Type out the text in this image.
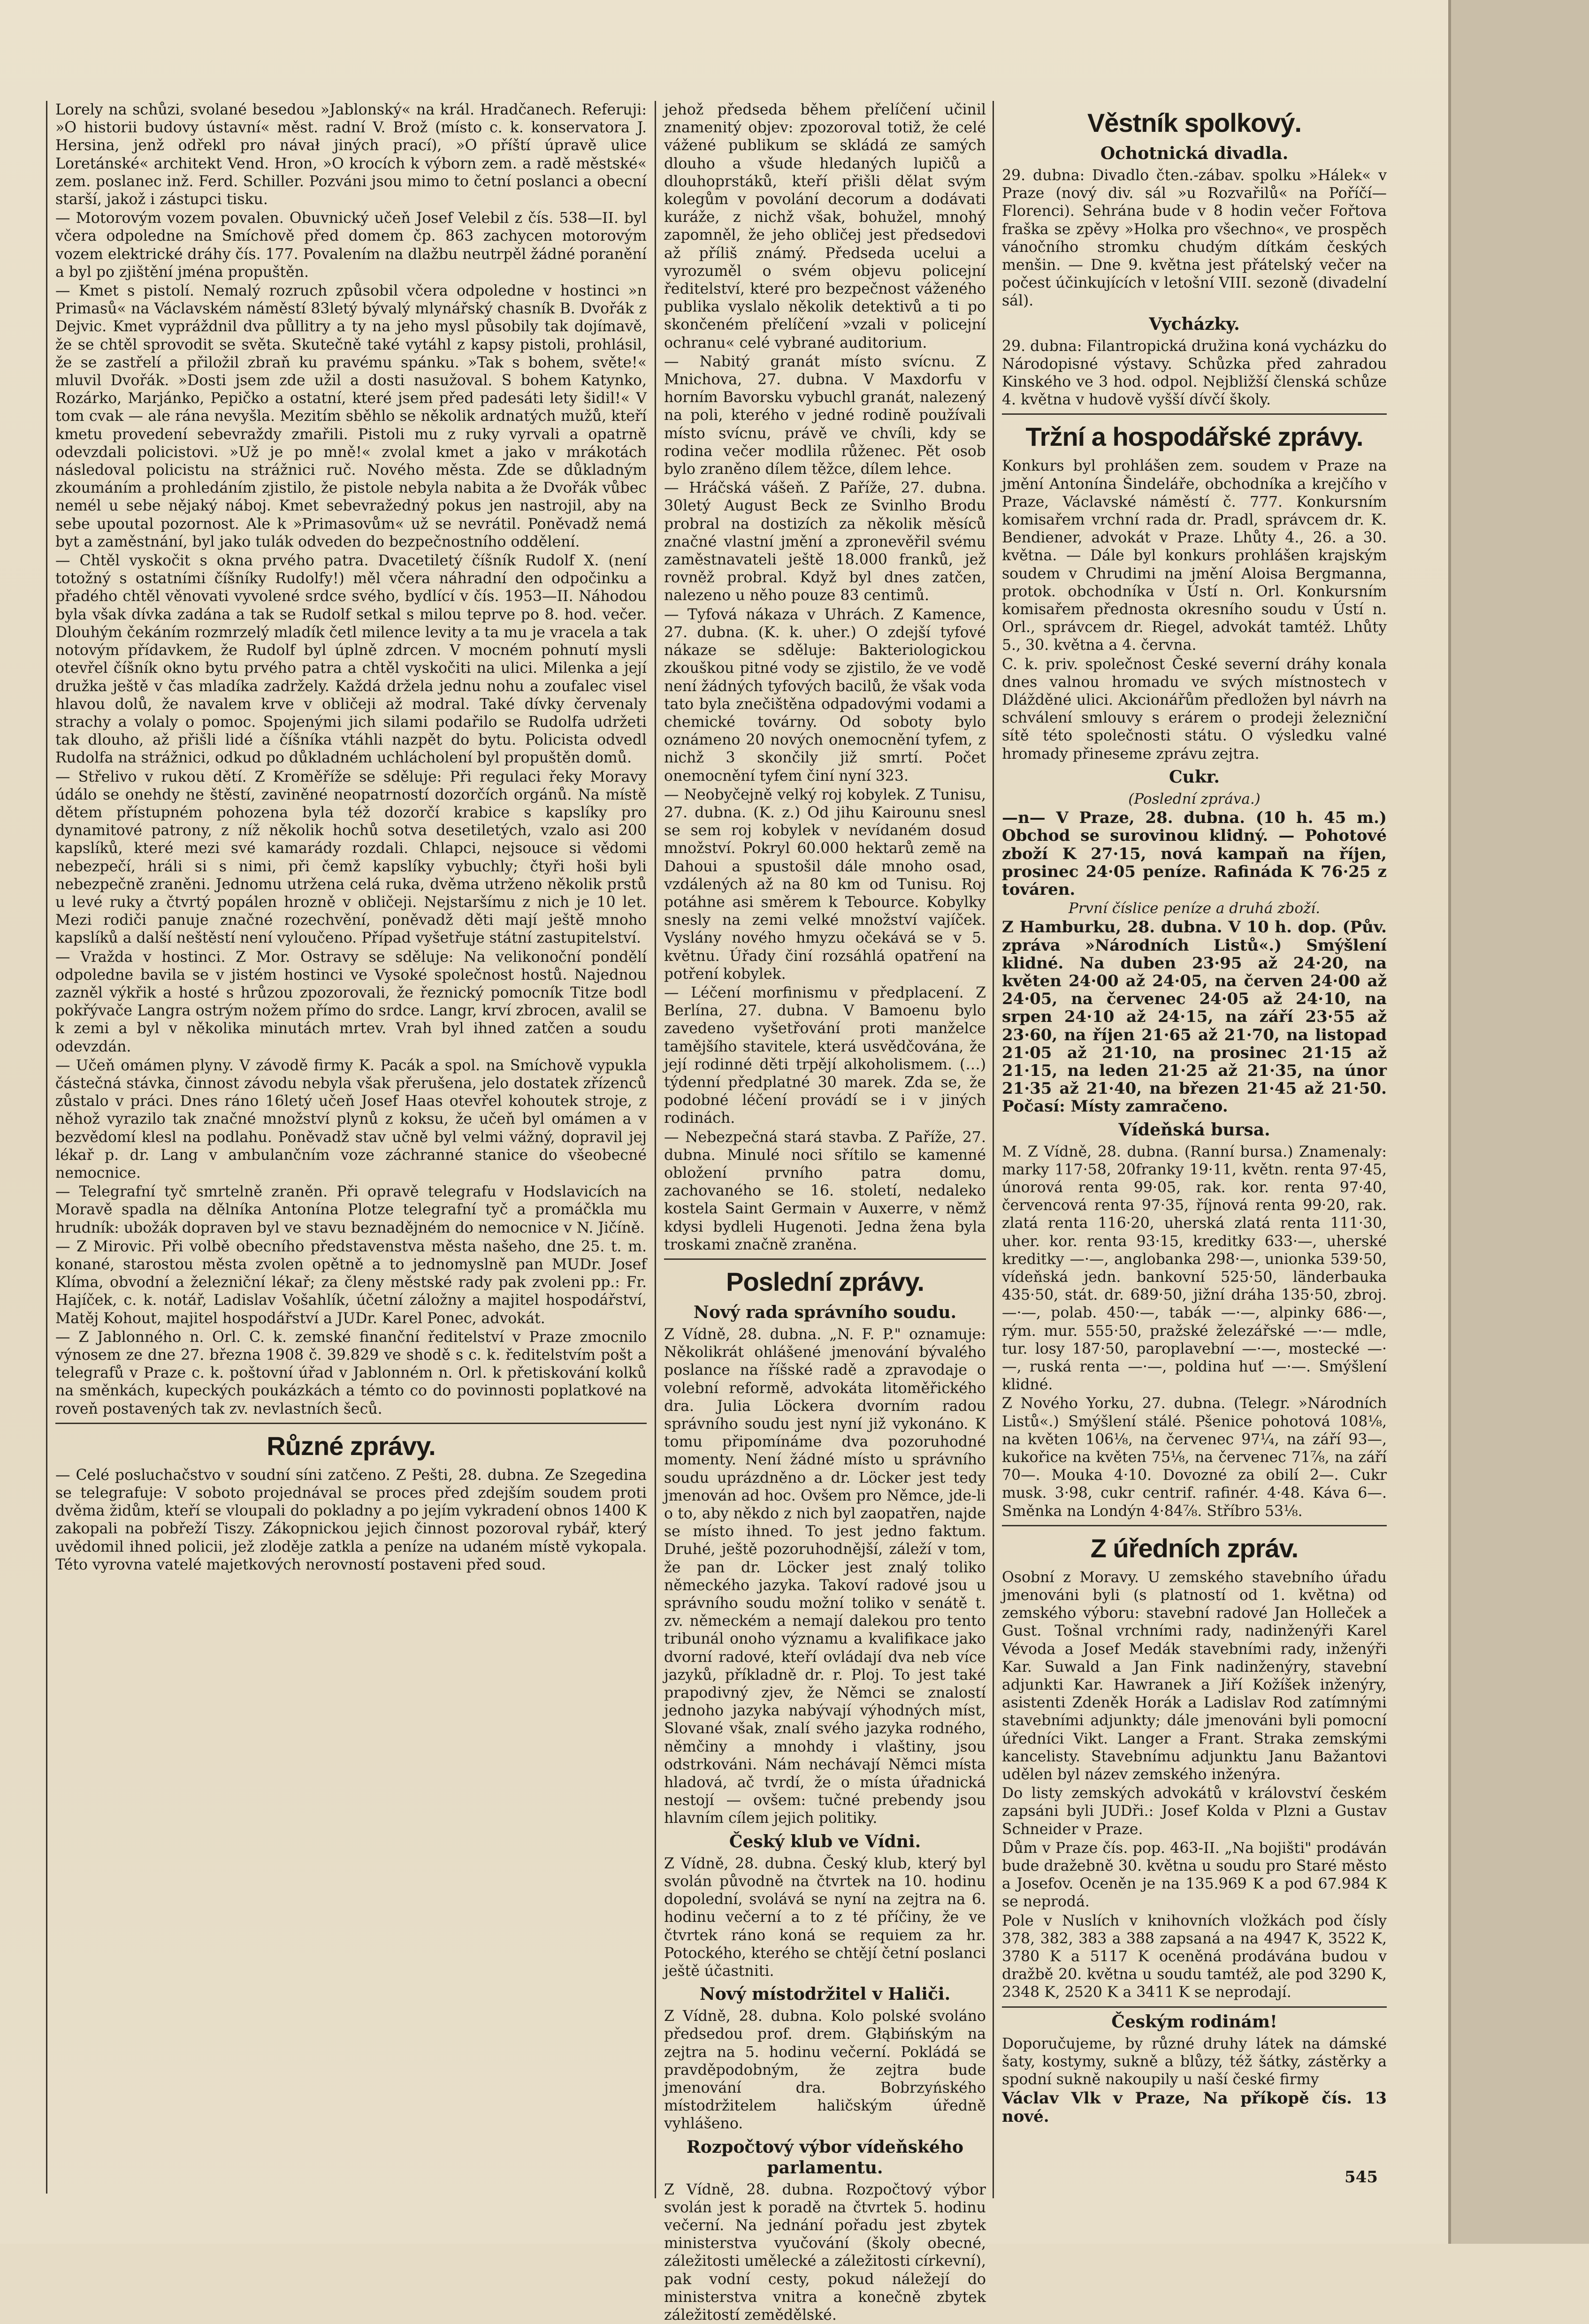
Lorely na schůzi, svolané besedou »Jablonský« na král. Hradčanech. Referuji: »O historii budovy ústavní« měst. radní V. Brož (místo c. k. konservatora J. Hersina, jenž odřekl pro návał jiných prací), »O příští úpravě ulice Loretánské« architekt Vend. Hron, »O krocích k výborn zem. a radě městské« zem. poslanec inž. Ferd. Schiller. Pozváni jsou mimo to četní poslanci a obecní starší, jakož i zástupci tisku.

— Motorovým vozem povalen. Obuvnický učeň Josef Velebil z čís. 538—II. byl včera odpoledne na Smíchově před domem čp. 863 zachycen motorovým vozem elektrické dráhy čís. 177. Povalením na dlažbu neutrpěl žádné poranění a byl po zjištění jména propuštěn.

— Kmet s pistolí. Nemalý rozruch způsobil včera odpoledne v hostinci »n Primasů« na Václavském náměstí 83letý bývalý mlynářský chasník B. Dvořák z Dejvic. Kmet vypráždnil dva půllitry a ty na jeho mysl působily tak dojímavě, že se chtěl sprovodit se světa. Skutečně také vytáhl z kapsy pistoli, prohlásil, že se zastřelí a přiložil zbraň ku pravému spánku. »Tak s bohem, světe!« mluvil Dvořák. »Dosti jsem zde užil a dosti nasužoval. S bohem Katynko, Rozárko, Marjánko, Pepičko a ostatní, které jsem před padesáti lety šidil!« V tom cvak — ale rána nevyšla. Mezitím sběhlo se několik ardnatých mužů, kteří kmetu provedení sebevraždy zmařili. Pistoli mu z ruky vyrvali a opatrně odevzdali policistovi. »Už je po mně!« zvolal kmet a jako v mrákotách následoval policistu na strážnici ruč. Nového města. Zde se důkladným zkoumáním a prohledáním zjistilo, že pistole nebyla nabita a že Dvořák vůbec nemél u sebe nějaký náboj. Kmet sebevražedný pokus jen nastrojil, aby na sebe upoutal pozornost. Ale k »Primasovům« už se nevrátil. Poněvadž nemá byt a zaměstnání, byl jako tulák odveden do bezpečnostního oddělení.

— Chtěl vyskočit s okna prvého patra. Dvacetiletý číšník Rudolf X. (není totožný s ostatními číšníky Rudolfy!) měl včera náhradní den odpočinku a přadého chtěl věnovati vyvolené srdce svého, bydlící v čís. 1953—II. Náhodou byla však dívka zadána a tak se Rudolf setkal s milou teprve po 8. hod. večer. Dlouhým čekáním rozmrzelý mladík četl milence levity a ta mu je vracela a tak notovým přídavkem, že Rudolf byl úplně zdrcen. V mocném pohnutí mysli otevřel číšník okno bytu prvého patra a chtěl vyskočiti na ulici. Milenka a její družka ještě v čas mladíka zadržely. Každá držela jednu nohu a zoufalec visel hlavou dolů, že navalem krve v obličeji až modral. Také dívky červenaly strachy a volaly o pomoc. Spojenými jich silami podařilo se Rudolfa udržeti tak dlouho, až přišli lidé a číšníka vtáhli nazpět do bytu. Policista odvedl Rudolfa na strážnici, odkud po důkladném uchlácholení byl propuštěn domů.

— Střelivo v rukou dětí. Z Kroměříže se sděluje: Při regulaci řeky Moravy údálo se onehdy ne štěstí, zaviněné neopatrností dozorčích orgánů. Na místě dětem přístupném pohozena byla též dozorčí krabice s kapslíky pro dynamitové patrony, z níž několik hochů sotva desetiletých, vzalo asi 200 kapslíků, které mezi své kamarády rozdali. Chlapci, nejsouce si vědomi nebezpečí, hráli si s nimi, při čemž kapslíky vybuchly; čtyři hoši byli nebezpečně zraněni. Jednomu utržena celá ruka, dvěma utrženo několik prstů u levé ruky a čtvrtý popálen hrozně v obličeji. Nejstaršímu z nich je 10 let. Mezi rodiči panuje značné rozechvění, poněvadž děti mají ještě mnoho kapslíků a další neštěstí není vyloučeno. Případ vyšetřuje státní zastupitelství.

— Vražda v hostinci. Z Mor. Ostravy se sděluje: Na velikonoční pondělí odpoledne bavila se v jistém hostinci ve Vysoké společnost hostů. Najednou zazněl výkřik a hosté s hrůzou zpozorovali, že řeznický pomocník Titze bodl pokřývače Langra ostrým nožem přímo do srdce. Langr, krví zbrocen, avalil se k zemi a byl v několika minutách mrtev. Vrah byl ihned zatčen a soudu odevzdán.

— Učeň omámen plyny. V závodě firmy K. Pacák a spol. na Smíchově vypukla částečná stávka, činnost závodu nebyla však přerušena, jelo dostatek zřízenců zůstalo v práci. Dnes ráno 16letý učeň Josef Haas otevřel kohoutek stroje, z něhož vyrazilo tak značné množství plynů z koksu, že učeň byl omámen a v bezvědomí klesl na podlahu. Poněvadž stav učně byl velmi vážný, dopravil jej lékař p. dr. Lang v ambulančním voze záchranné stanice do všeobecné nemocnice.

— Telegrafní tyč smrtelně zraněn. Při opravě telegrafu v Hodslavicích na Moravě spadla na dělníka Antonína Plotze telegrafní tyč a promáčkla mu hrudník: ubožák dopraven byl ve stavu beznadějném do nemocnice v N. Jičíně.

— Z Mirovic. Při volbě obecního představenstva města našeho, dne 25. t. m. konané, starostou města zvolen opětně a to jednomyslně pan MUDr. Josef Klíma, obvodní a železniční lékař; za členy městské rady pak zvoleni pp.: Fr. Hajíček, c. k. notář, Ladislav Vošahlík, účetní záložny a majitel hospodářství, Matěj Kohout, majitel hospodářství a JUDr. Karel Ponec, advokát.

— Z Jablonného n. Orl. C. k. zemské finanční ředitelství v Praze zmocnilo výnosem ze dne 27. března 1908 č. 39.829 ve shodě s c. k. ředitelstvím pošt a telegrafů v Praze c. k. poštovní úřad v Jablonném n. Orl. k přetiskování kolků na směnkách, kupeckých poukázkách a témto co do povinnosti poplatkové na roveň postavených tak zv. nevlastních šeců.

Různé zprávy.

— Celé posluchačstvo v soudní síni zatčeno. Z Pešti, 28. dubna. Ze Szegedina se telegrafuje: V soboto projednával se proces před zdejším soudem proti dvěma židům, kteří se vloupali do pokladny a po jejím vykradení obnos 1400 K zakopali na pobřeží Tiszy. Zákopnickou jejich činnost pozoroval rybář, který uvědomil ihned policii, jež zloděje zatkla a peníze na udaném místě vykopala. Této vyrovna vatelé majetkových nerovností postaveni před soud.

jehož předseda během přelíčení učinil znamenitý objev: zpozoroval totiž, že celé vážené publikum se skládá ze samých dlouho a všude hledaných lupičů a dlouhoprstáků, kteří přišli dělat svým kolegům v povolání decorum a dodávati kuráže, z nichž však, bohužel, mnohý zapomněl, že jeho obličej jest předsedovi až příliš známý. Předseda ucelui a vyrozuměl o svém objevu policejní ředitelství, které pro bezpečnost váženého publika vyslalo několik detektivů a ti po skončeném přelíčení »vzali v policejní ochranu« celé vybrané auditorium.

— Nabitý granát místo svícnu. Z Mnichova, 27. dubna. V Maxdorfu v horním Bavorsku vybuchl granát, nalezený na poli, kterého v jedné rodině používali místo svícnu, právě ve chvíli, kdy se rodina večer modlila růženec. Pět osob bylo zraněno dílem těžce, dílem lehce.

— Hráčská vášeň. Z Paříže, 27. dubna. 30letý August Beck ze Svinlho Brodu probral na dostizích za několik měsíců značné vlastní jmění a zpronevěřil svému zaměstnavateli ještě 18.000 franků, jež rovněž probral. Když byl dnes zatčen, nalezeno u něho pouze 83 centimů.

— Tyfová nákaza v Uhrách. Z Kamence, 27. dubna. (K. k. uher.) O zdejší tyfové nákaze se sděluje: Bakteriologickou zkouškou pitné vody se zjistilo, že ve vodě není žádných tyfových bacilů, že však voda tato byla znečištěna odpadovými vodami a chemické továrny. Od soboty bylo oznámeno 20 nových onemocnění tyfem, z nichž 3 skončily již smrtí. Počet onemocnění tyfem činí nyní 323.

— Neobyčejně velký roj kobylek. Z Tunisu, 27. dubna. (K. z.) Od jihu Kairounu snesl se sem roj kobylek v nevídaném dosud množství. Pokryl 60.000 hektarů země na Dahoui a spustošil dále mnoho osad, vzdálených až na 80 km od Tunisu. Roj potáhne asi směrem k Tebource. Kobylky snesly na zemi velké množství vajíček. Vyslány nového hmyzu očekává se v 5. květnu. Úřady činí rozsáhlá opatření na potření kobylek.

— Léčení morfinismu v předplacení. Z Berlína, 27. dubna. V Bamoenu bylo zavedeno vyšetřování proti manželce tamějšího stavitele, která usvědčována, že její rodinné děti trpějí alkoholismem. (…) týdenní předplatné 30 marek. Zda se, že podobné léčení provádí se i v jiných rodinách.

— Nebezpečná stará stavba. Z Paříže, 27. dubna. Minulé noci sřítilo se kamenné obložení prvního patra domu, zachovaného se 16. století, nedaleko kostela Saint Germain v Auxerre, v němž kdysi bydleli Hugenoti. Jedna žena byla troskami značně zraněna.

Poslední zprávy.
Nový rada správního soudu.

Z Vídně, 28. dubna. „N. F. P." oznamuje: Několikrát ohlášené jmenování bývalého poslance na říšské radě a zpravodaje o volební reformě, advokáta litoměřického dra. Julia Löckera dvorním radou správního soudu jest nyní již vykonáno. K tomu připomínáme dva pozoruhodné momenty. Není žádné místo u správního soudu uprázdněno a dr. Löcker jest tedy jmenován ad hoc. Ovšem pro Němce, jde-li o to, aby někdo z nich byl zaopatřen, najde se místo ihned. To jest jedno faktum. Druhé, ještě pozoruhodnější, záleží v tom, že pan dr. Löcker jest znalý toliko německého jazyka. Takoví radové jsou u správního soudu možní toliko v senátě t. zv. německém a nemají dalekou pro tento tribunál onoho významu a kvalifikace jako dvorní radové, kteří ovládají dva neb více jazyků, příkladně dr. r. Ploj. To jest také prapodivný zjev, že Němci se znalostí jednoho jazyka nabývají výhodných míst, Slované však, znalí svého jazyka rodného, němčiny a mnohdy i vlaštiny, jsou odstrkováni. Nám nechávají Němci místa hladová, ač tvrdí, že o místa úřadnická nestojí — ovšem: tučné prebendy jsou hlavním cílem jejich politiky.

Český klub ve Vídni.

Z Vídně, 28. dubna. Český klub, který byl svolán původně na čtvrtek na 10. hodinu dopolední, svolává se nyní na zejtra na 6. hodinu večerní a to z té příčiny, že ve čtvrtek ráno koná se requiem za hr. Potockého, kterého se chtějí četní poslanci ještě účastniti.

Nový místodržitel v Haliči.

Z Vídně, 28. dubna. Kolo polské svoláno předsedou prof. drem. Głąbińským na zejtra na 5. hodinu večerní. Pokládá se pravděpodobným, že zejtra bude jmenování dra. Bobrzyńského místodržitelem haličským úředně vyhlášeno.

Rozpočtový výbor vídeňského parlamentu.

Z Vídně, 28. dubna. Rozpočtový výbor svolán jest k poradě na čtvrtek 5. hodinu večerní. Na jednání pořadu jest zbytek ministerstva vyučování (školy obecné, záležitosti umělecké a záležitosti církevní), pak vodní cesty, pokud náležejí do ministerstva vnitra a konečně zbytek záležitostí zemědělské.

Věstník spolkový.
Ochotnická divadla.

29. dubna: Divadlo čten.-zábav. spolku »Hálek« v Praze (nový div. sál »u Rozvařilů« na Poříčí—Florenci). Sehrána bude v 8 hodin večer Fořtova fraška se zpěvy »Holka pro všechno«, ve prospěch vánočního stromku chudým dítkám českých menšin. — Dne 9. května jest přátelský večer na počest účinkujících v letošní VIII. sezoně (divadelní sál).

Vycházky.

29. dubna: Filantropická družina koná vycházku do Národopisné výstavy. Schůzka před zahradou Kinského ve 3 hod. odpol. Nejbližší členská schůze 4. května v hudově vyšší dívčí školy.

Tržní a hospodářské zprávy.

Konkurs byl prohlášen zem. soudem v Praze na jmění Antonína Šindeláře, obchodníka a krejčího v Praze, Václavské náměstí č. 777. Konkursním komisařem vrchní rada dr. Pradl, správcem dr. K. Bendiener, advokát v Praze. Lhůty 4., 26. a 30. května. — Dále byl konkurs prohlášen krajským soudem v Chrudimi na jmění Aloisa Bergmanna, protok. obchodníka v Ústí n. Orl. Konkursním komisařem přednosta okresního soudu v Ústí n. Orl., správcem dr. Riegel, advokát tamtéž. Lhůty 5., 30. května a 4. června.

C. k. priv. společnost České severní dráhy konala dnes valnou hromadu ve svých místnostech v Dlážděné ulici. Akcionářům předložen byl návrh na schválení smlouvy s erárem o prodeji železniční sítě této společnosti státu. O výsledku valné hromady přineseme zprávu zejtra.

Cukr.
(Poslední zpráva.)

—n— V Praze, 28. dubna. (10 h. 45 m.) Obchod se surovinou klidný. — Pohotové zboží K 27·15, nová kampaň na říjen, prosinec 24·05 peníze. Rafináda K 76·25 z továren.

První číslice peníze a druhá zboží.

Z Hamburku, 28. dubna. V 10 h. dop. (Pův. zpráva »Národních Listů«.) Smýšlení klidné. Na duben 23·95 až 24·20, na květen 24·00 až 24·05, na červen 24·00 až 24·05, na červenec 24·05 až 24·10, na srpen 24·10 až 24·15, na září 23·55 až 23·60, na říjen 21·65 až 21·70, na listopad 21·05 až 21·10, na prosinec 21·15 až 21·15, na leden 21·25 až 21·35, na únor 21·35 až 21·40, na březen 21·45 až 21·50. Počasí: Místy zamračeno.

Vídeňská bursa.

M. Z Vídně, 28. dubna. (Ranní bursa.) Znamenaly: marky 117·58, 20franky 19·11, květn. renta 97·45, únorová renta 99·05, rak. kor. renta 97·40, červencová renta 97·35, říjnová renta 99·20, rak. zlatá renta 116·20, uherská zlatá renta 111·30, uher. kor. renta 93·15, kreditky 633·—, uherské kreditky —·—, anglobanka 298·—, unionka 539·50, vídeňská jedn. bankovní 525·50, länderbauka 435·50, stát. dr. 689·50, jižní dráha 135·50, zbroj. —·—, polab. 450·—, tabák —·—, alpinky 686·—, rým. mur. 555·50, pražské železářské —·— mdle, tur. losy 187·50, paroplavební —·—, mostecké —·—, ruská renta —·—, poldina huť —·—. Smýšlení klidné.

Z Nového Yorku, 27. dubna. (Telegr. »Národních Listů«.) Smýšlení stálé. Pšenice pohotová 108⅛, na květen 106⅛, na červenec 97¼, na září 93—, kukořice na květen 75⅛, na červenec 71⅞, na září 70—. Mouka 4·10. Dovozné za obilí 2—. Cukr musk. 3·98, cukr centrif. rafinér. 4·48. Káva 6—. Směnka na Londýn 4·84⅞. Stříbro 53⅛.

Z úředních zpráv.

Osobní z Moravy. U zemského stavebního úřadu jmenováni byli (s platností od 1. května) od zemského výboru: stavební radové Jan Holleček a Gust. Tošnal vrchními rady, nadinženýři Karel Vévoda a Josef Medák stavebními rady, inženýři Kar. Suwald a Jan Fink nadinženýry, stavební adjunkti Kar. Hawranek a Jiří Kožíšek inženýry, asistenti Zdeněk Horák a Ladislav Rod zatímnými stavebními adjunkty; dále jmenováni byli pomocní úředníci Vikt. Langer a Frant. Straka zemskými kancelisty. Stavebnímu adjunktu Janu Bažantovi udělen byl název zemského inženýra.

Do listy zemských advokátů v království českém zapsáni byli JUDři.: Josef Kolda v Plzni a Gustav Schneider v Praze.

Dům v Praze čís. pop. 463-II. „Na bojišti" prodáván bude dražebně 30. května u soudu pro Staré město a Josefov. Oceněn je na 135.969 K a pod 67.984 K se neprodá.

Pole v Nuslích v knihovních vložkách pod čísly 378, 382, 383 a 388 zapsaná a na 4947 K, 3522 K, 3780 K a 5117 K oceněná prodávána budou v dražbě 20. května u soudu tamtéž, ale pod 3290 K, 2348 K, 2520 K a 3411 K se neprodají.

Českým rodinám!

Doporučujeme, by různé druhy látek na dámské šaty, kostymy, sukně a blůzy, též šátky, zástěrky a spodní sukně nakoupily u naší české firmy

Václav Vlk v Praze, Na příkopě čís. 13 nové.

545
